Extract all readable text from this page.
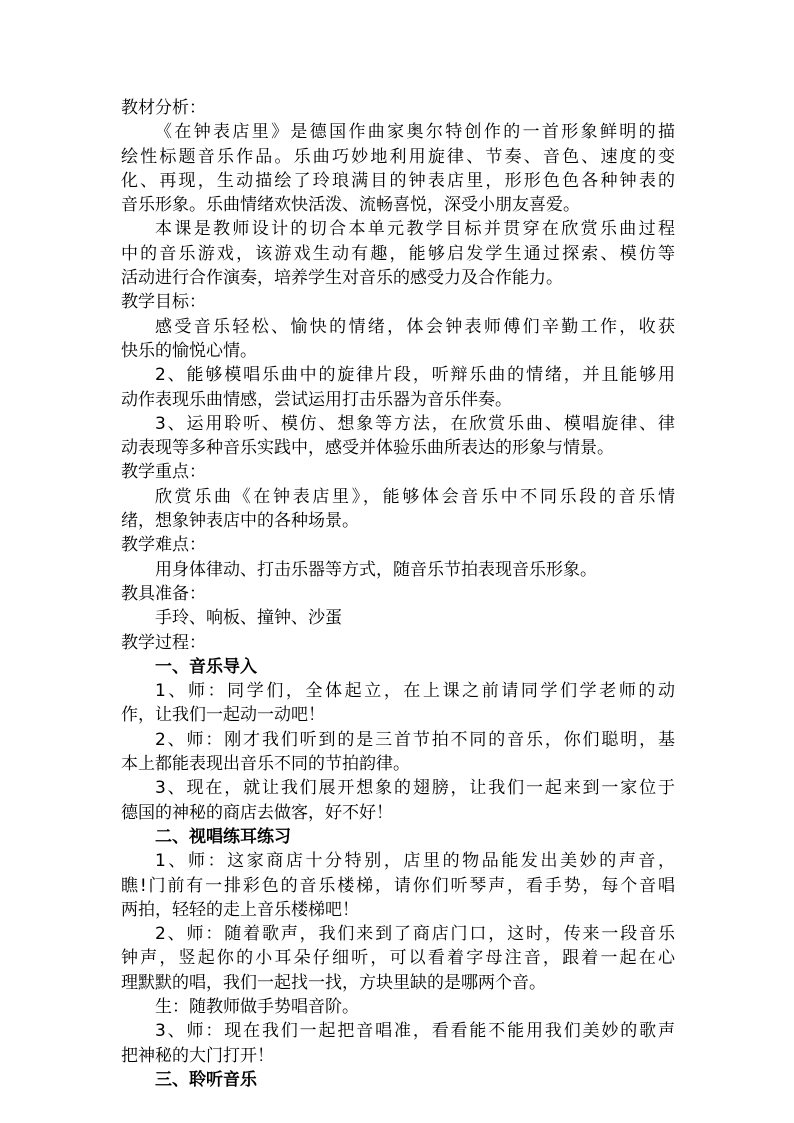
教材分析：
《在钟表店里》是德国作曲家奥尔特创作的一首形象鲜明的描
绘性标题音乐作品。乐曲巧妙地利用旋律、节奏、音色、速度的变
化、再现，生动描绘了玲琅满目的钟表店里，形形色色各种钟表的
音乐形象。乐曲情绪欢快活泼、流畅喜悦，深受小朋友喜爱。
本课是教师设计的切合本单元教学目标并贯穿在欣赏乐曲过程
中的音乐游戏，该游戏生动有趣，能够启发学生通过探索、模仿等
活动进行合作演奏，培养学生对音乐的感受力及合作能力。
教学目标：
感受音乐轻松、愉快的情绪，体会钟表师傅们辛勤工作，收获
快乐的愉悦心情。
2、能够模唱乐曲中的旋律片段，听辩乐曲的情绪，并且能够用
动作表现乐曲情感，尝试运用打击乐器为音乐伴奏。
3、运用聆听、模仿、想象等方法，在欣赏乐曲、模唱旋律、律
动表现等多种音乐实践中，感受并体验乐曲所表达的形象与情景。
教学重点：
欣赏乐曲《在钟表店里》，能够体会音乐中不同乐段的音乐情
绪，想象钟表店中的各种场景。
教学难点：
用身体律动、打击乐器等方式，随音乐节拍表现音乐形象。
教具准备：
手玲、响板、撞钟、沙蛋
教学过程：
一、音乐导入
1、师：同学们，全体起立，在上课之前请同学们学老师的动
作，让我们一起动一动吧！
2、师：刚才我们听到的是三首节拍不同的音乐，你们聪明，基
本上都能表现出音乐不同的节拍韵律。
3、现在，就让我们展开想象的翅膀，让我们一起来到一家位于
德国的神秘的商店去做客，好不好！
二、视唱练耳练习
1、师：这家商店十分特别，店里的物品能发出美妙的声音，
瞧!门前有一排彩色的音乐楼梯，请你们听琴声，看手势，每个音唱
两拍，轻轻的走上音乐楼梯吧！
2、师：随着歌声，我们来到了商店门口，这时，传来一段音乐
钟声，竖起你的小耳朵仔细听，可以看着字母注音，跟着一起在心
理默默的唱，我们一起找一找，方块里缺的是哪两个音。
生：随教师做手势唱音阶。
3、师：现在我们一起把音唱准，看看能不能用我们美妙的歌声
把神秘的大门打开！
三、聆听音乐
